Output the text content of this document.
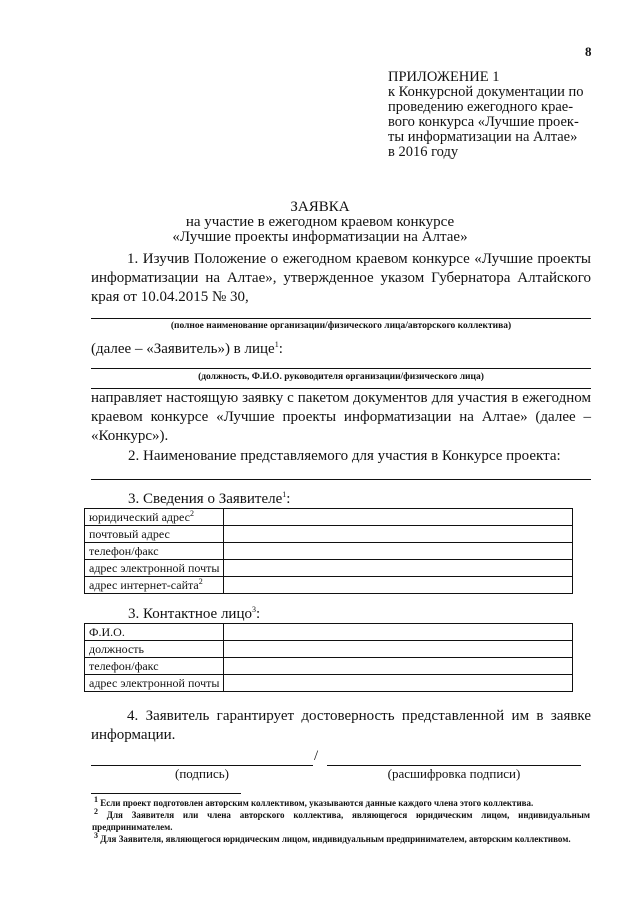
8
ПРИЛОЖЕНИЕ 1
к Конкурсной документации по
проведению ежегодного крае-
вого конкурса «Лучшие проек-
ты информатизации на Алтае»
в 2016 году
ЗАЯВКА
на участие в ежегодном краевом конкурсе
«Лучшие проекты информатизации на Алтае»
1. Изучив Положение о ежегодном краевом конкурсе «Лучшие проекты информатизации на Алтае», утвержденное указом Губернатора Алтайского края от 10.04.2015 № 30,
(полное наименование организации/физического лица/авторского коллектива)
(далее – «Заявитель») в лице$^1$:
(должность, Ф.И.О. руководителя организации/физического лица)
направляет настоящую заявку с пакетом документов для участия в ежегодном краевом конкурсе «Лучшие проекты информатизации на Алтае» (далее – «Конкурс»).
2. Наименование представляемого для участия в Конкурсе проекта:
3. Сведения о Заявителе$^1$:
юридический адрес$^2$	
почтовый адрес	
телефон/факс	
адрес электронной почты	
адрес интернет-сайта$^2$	
3. Контактное лицо$^3$:
Ф.И.О.	
должность	
телефон/факс	
адрес электронной почты	
4. Заявитель гарантирует достоверность представленной им в заявке информации.
/
(подпись)	(расшифровка подписи)
$^1$ Если проект подготовлен авторским коллективом, указываются данные каждого члена этого коллектива.
$^2$ Для Заявителя или члена авторского коллектива, являющегося юридическим лицом, индивидуальным предпринимателем.
$^3$ Для Заявителя, являющегося юридическим лицом, индивидуальным предпринимателем, авторским коллективом.
